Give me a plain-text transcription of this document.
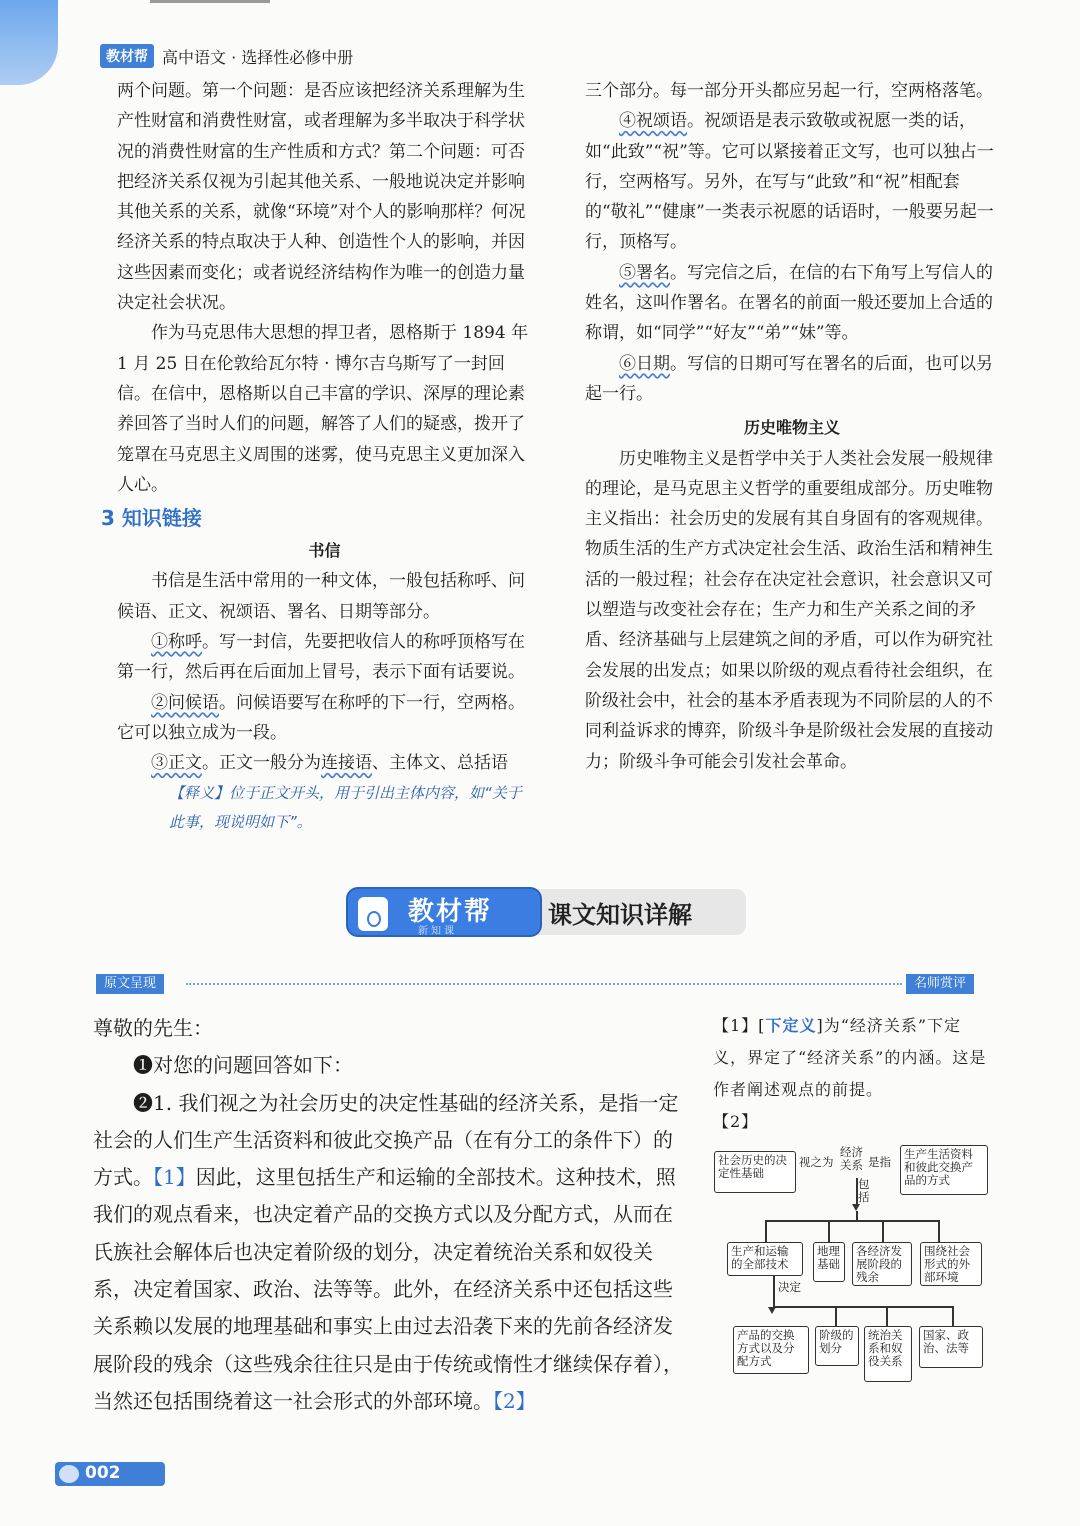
教材帮 高中语文 · 选择性必修中册

两个问题。第一个问题：是否应该把经济关系理解为生产性财富和消费性财富，或者理解为多半取决于科学状况的消费性财富的生产性质和方式？第二个问题：可否把经济关系仅视为引起其他关系、一般地说决定并影响其他关系的关系，就像“环境”对个人的影响那样？何况经济关系的特点取决于人种、创造性个人的影响，并因这些因素而变化；或者说经济结构作为唯一的创造力量决定社会状况。

作为马克思伟大思想的捍卫者，恩格斯于 1894 年 1 月 25 日在伦敦给瓦尔特 · 博尔吉乌斯写了一封回信。在信中，恩格斯以自己丰富的学识、深厚的理论素养回答了当时人们的问题，解答了人们的疑惑，拨开了笼罩在马克思主义周围的迷雾，使马克思主义更加深入人心。

3 知识链接

书信

书信是生活中常用的一种文体，一般包括称呼、问候语、正文、祝颂语、署名、日期等部分。

①称呼。写一封信，先要把收信人的称呼顶格写在第一行，然后再在后面加上冒号，表示下面有话要说。

②问候语。问候语要写在称呼的下一行，空两格。它可以独立成为一段。

③正文。正文一般分为连接语、主体文、总括语

【释义】位于正文开头，用于引出主体内容，如“关于此事，现说明如下”。

三个部分。每一部分开头都应另起一行，空两格落笔。

④祝颂语。祝颂语是表示致敬或祝愿一类的话，如“此致”“祝”等。它可以紧接着正文写，也可以独占一行，空两格写。另外，在写与“此致”和“祝”相配套的“敬礼”“健康”一类表示祝愿的话语时，一般要另起一行，顶格写。

⑤署名。写完信之后，在信的右下角写上写信人的姓名，这叫作署名。在署名的前面一般还要加上合适的称谓，如“同学”“好友”“弟”“妹”等。

⑥日期。写信的日期可写在署名的后面，也可以另起一行。

历史唯物主义

历史唯物主义是哲学中关于人类社会发展一般规律的理论，是马克思主义哲学的重要组成部分。历史唯物主义指出：社会历史的发展有其自身固有的客观规律。物质生活的生产方式决定社会生活、政治生活和精神生活的一般过程；社会存在决定社会意识，社会意识又可以塑造与改变社会存在；生产力和生产关系之间的矛盾、经济基础与上层建筑之间的矛盾，可以作为研究社会发展的出发点；如果以阶级的观点看待社会组织，在阶级社会中，社会的基本矛盾表现为不同阶层的人的不同利益诉求的博弈，阶级斗争是阶级社会发展的直接动力；阶级斗争可能会引发社会革命。

教材帮
新知课
课文知识详解
原文呈现	名师赏评

尊敬的先生：

❶对您的问题回答如下：

❷1. 我们视之为社会历史的决定性基础的经济关系，是指一定社会的人们生产生活资料和彼此交换产品（在有分工的条件下）的方式。【1】因此，这里包括生产和运输的全部技术。这种技术，照我们的观点看来，也决定着产品的交换方式以及分配方式，从而在氏族社会解体后也决定着阶级的划分，决定着统治关系和奴役关系，决定着国家、政治、法等等。此外，在经济关系中还包括这些关系赖以发展的地理基础和事实上由过去沿袭下来的先前各经济发展阶段的残余（这些残余往往只是由于传统或惰性才继续保存着），当然还包括围绕着这一社会形式的外部环境。【2】

【1】[下定义]为“经济关系”下定义，界定了“经济关系”的内涵。这是作者阐述观点的前提。

【2】

社会历史的决定性基础
视之为
经济关系 是指
生产生活资料和彼此交换产品的方式
包括
生产和运输的全部技术
地理基础
各经济发展阶段的残余
围绕社会形式的外部环境
决定
产品的交换方式以及分配方式
阶级的划分
统治关系和奴役关系
国家、政治、法等
002
